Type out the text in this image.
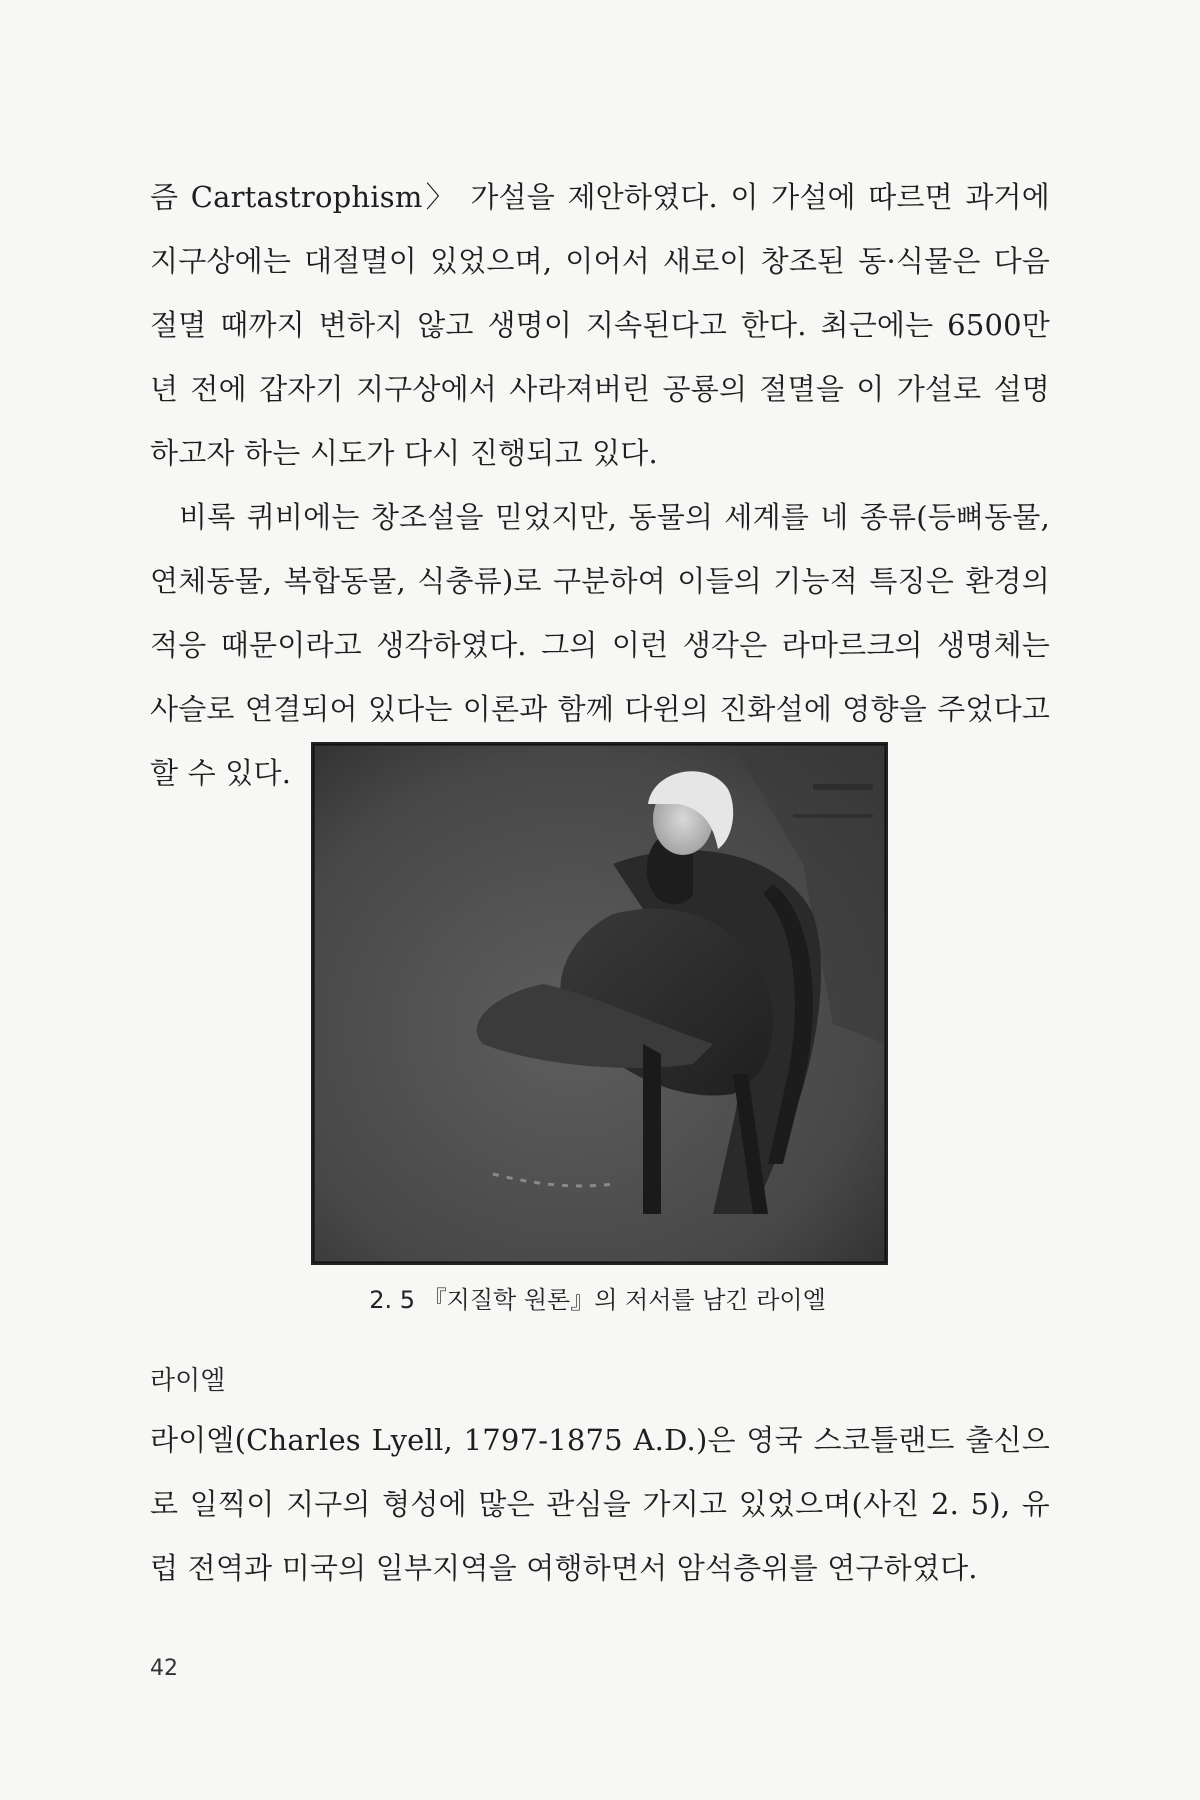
즘 Cartastrophism〉 가설을 제안하였다. 이 가설에 따르면 과거에 지구상에는 대절멸이 있었으며, 이어서 새로이 창조된 동·식물은 다음 절멸 때까지 변하지 않고 생명이 지속된다고 한다. 최근에는 6500만 년 전에 갑자기 지구상에서 사라져버린 공룡의 절멸을 이 가설로 설명하고자 하는 시도가 다시 진행되고 있다.

비록 퀴비에는 창조설을 믿었지만, 동물의 세계를 네 종류(등뼈동물, 연체동물, 복합동물, 식충류)로 구분하여 이들의 기능적 특징은 환경의 적응 때문이라고 생각하였다. 그의 이런 생각은 라마르크의 생명체는 사슬로 연결되어 있다는 이론과 함께 다윈의 진화설에 영향을 주었다고 할 수 있다.

2. 5 『지질학 원론』의 저서를 남긴 라이엘
라이엘

라이엘(Charles Lyell, 1797-1875 A.D.)은 영국 스코틀랜드 출신으로 일찍이 지구의 형성에 많은 관심을 가지고 있었으며(사진 2. 5), 유럽 전역과 미국의 일부지역을 여행하면서 암석층위를 연구하였다.

42
